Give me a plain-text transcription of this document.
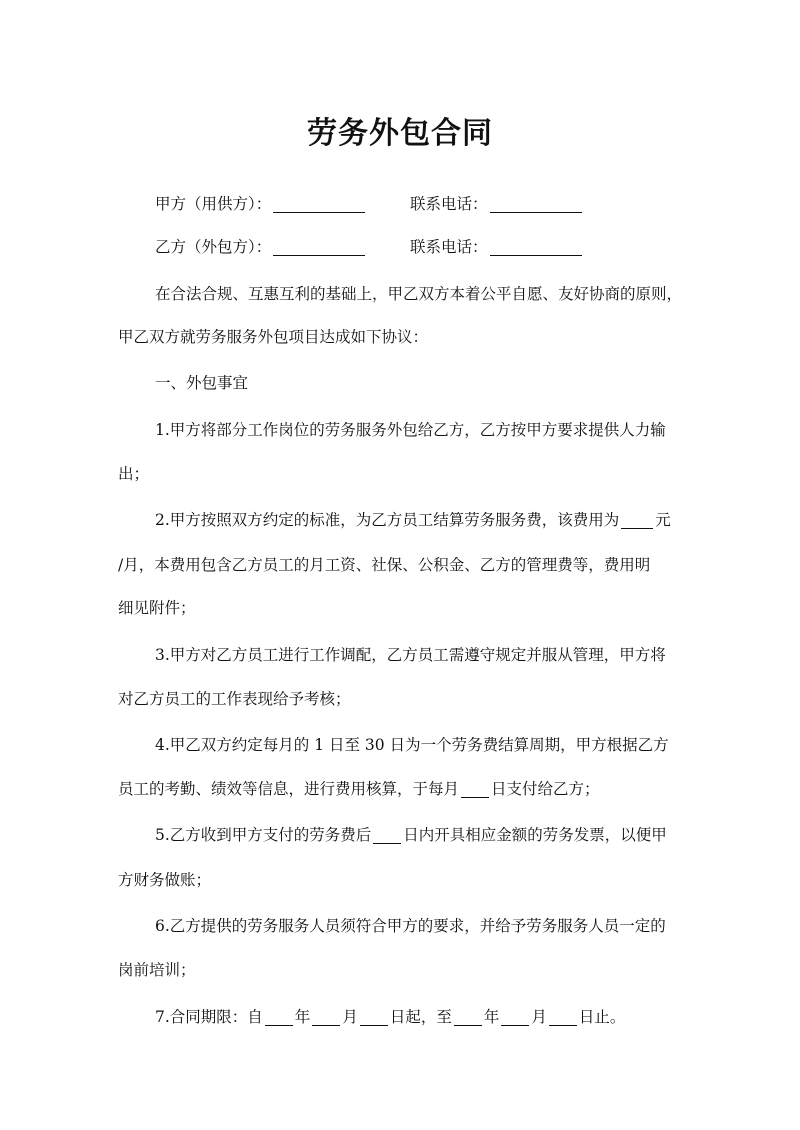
劳务外包合同
甲方（用供方）：	联系电话：
乙方（外包方）：	联系电话：
在合法合规、互惠互利的基础上，甲乙双方本着公平自愿、友好协商的原则，
甲乙双方就劳务服务外包项目达成如下协议：
一、外包事宜
1.甲方将部分工作岗位的劳务服务外包给乙方，乙方按甲方要求提供人力输
出；
2.甲方按照双方约定的标准，为乙方员工结算劳务服务费，该费用为 元
/月，本费用包含乙方员工的月工资、社保、公积金、乙方的管理费等，费用明
细见附件；
3.甲方对乙方员工进行工作调配，乙方员工需遵守规定并服从管理，甲方将
对乙方员工的工作表现给予考核；
4.甲乙双方约定每月的 1 日至 30 日为一个劳务费结算周期，甲方根据乙方
员工的考勤、绩效等信息，进行费用核算，于每月 日支付给乙方；
5.乙方收到甲方支付的劳务费后 日内开具相应金额的劳务发票，以便甲
方财务做账；
6.乙方提供的劳务服务人员须符合甲方的要求，并给予劳务服务人员一定的
岗前培训；
7.合同期限：自 年 月 日起，至 年 月 日止。
